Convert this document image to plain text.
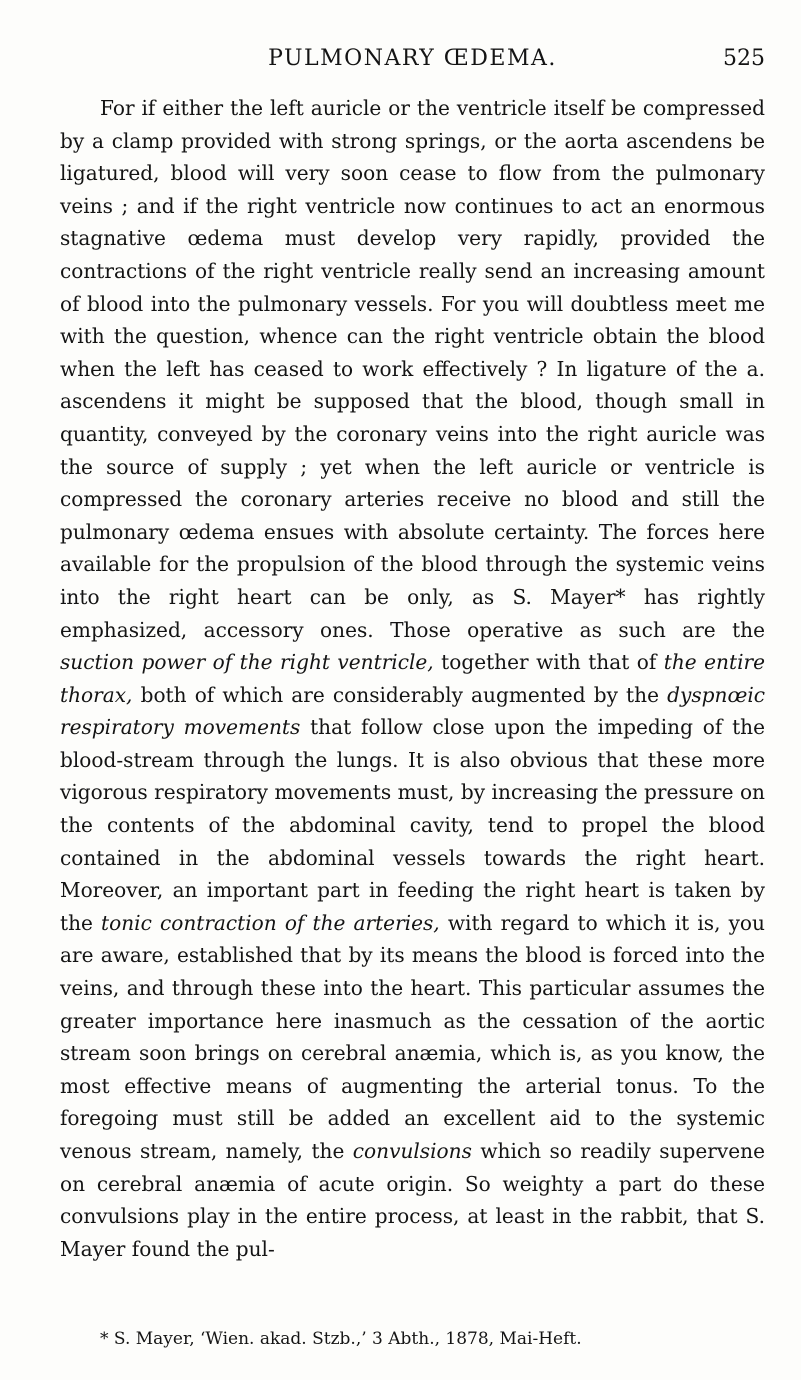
PULMONARY ŒDEMA.	525

For if either the left auricle or the ventricle itself be compressed by a clamp provided with strong springs, or the aorta ascendens be ligatured, blood will very soon cease to flow from the pulmonary veins ; and if the right ventricle now continues to act an enormous stagnative œdema must develop very rapidly, provided the contractions of the right ventricle really send an increasing amount of blood into the pulmonary vessels. For you will doubtless meet me with the question, whence can the right ventricle obtain the blood when the left has ceased to work effectively ? In ligature of the a. ascendens it might be supposed that the blood, though small in quantity, conveyed by the coronary veins into the right auricle was the source of supply ; yet when the left auricle or ventricle is compressed the coronary arteries receive no blood and still the pulmonary œdema ensues with absolute certainty. The forces here available for the propulsion of the blood through the systemic veins into the right heart can be only, as S. Mayer* has rightly emphasized, accessory ones. Those operative as such are the suction power of the right ventricle, together with that of the entire thorax, both of which are considerably augmented by the dyspnœic respiratory movements that follow close upon the impeding of the blood-stream through the lungs. It is also obvious that these more vigorous respiratory movements must, by increasing the pressure on the contents of the abdominal cavity, tend to propel the blood contained in the abdominal vessels towards the right heart. Moreover, an important part in feeding the right heart is taken by the tonic contraction of the arteries, with regard to which it is, you are aware, established that by its means the blood is forced into the veins, and through these into the heart. This particular assumes the greater importance here inasmuch as the cessation of the aortic stream soon brings on cerebral anæmia, which is, as you know, the most effective means of augmenting the arterial tonus. To the foregoing must still be added an excellent aid to the systemic venous stream, namely, the convulsions which so readily supervene on cerebral anæmia of acute origin. So weighty a part do these convulsions play in the entire process, at least in the rabbit, that S. Mayer found the pul-

* S. Mayer, ‘Wien. akad. Stzb.,’ 3 Abth., 1878, Mai-Heft.
